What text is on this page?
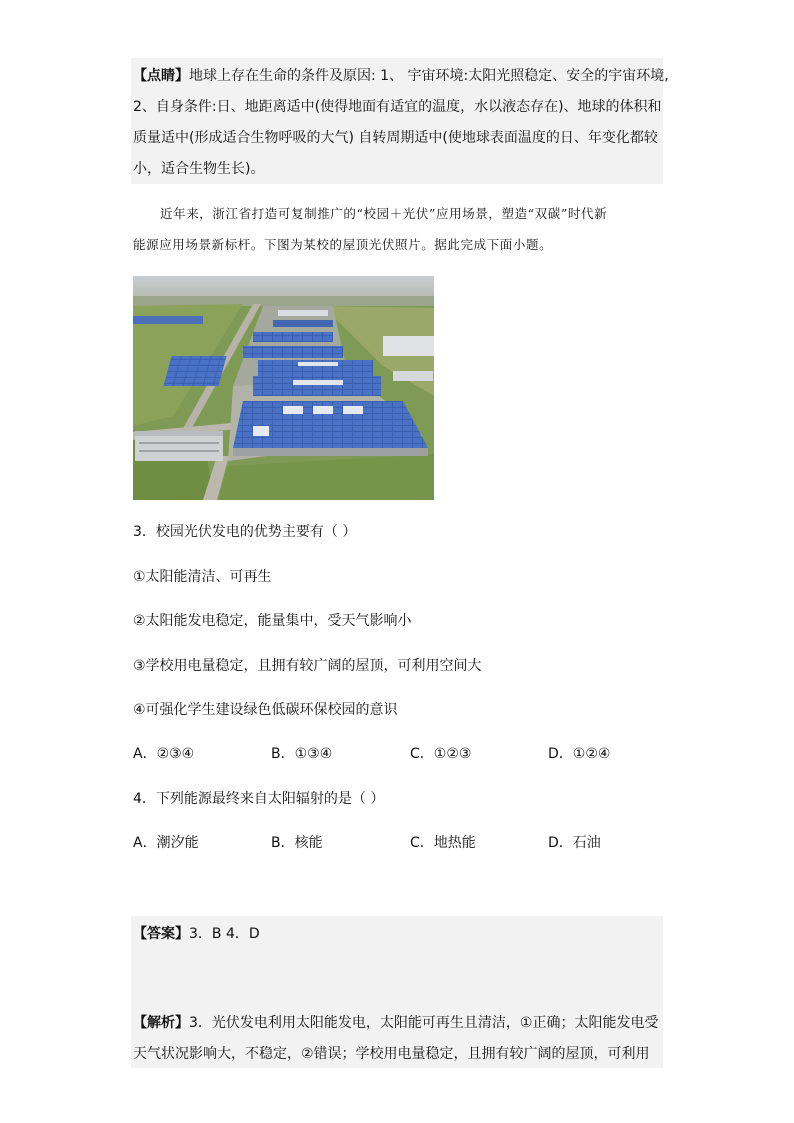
【点睛】地球上存在生命的条件及原因: 1、 宇宙环境:太阳光照稳定、安全的宇宙环境,
2、自身条件:日、地距离适中(使得地面有适宜的温度，水以液态存在)、地球的体积和
质量适中(形成适合生物呼吸的大气) 自转周期适中(使地球表面温度的日、年变化都较
小，适合生物生长)。
近年来，浙江省打造可复制推广的“校园＋光伏”应用场景，塑造“双碳”时代新
能源应用场景新标杆。下图为某校的屋顶光伏照片。据此完成下面小题。
3．校园光伏发电的优势主要有（ ）
①太阳能清洁、可再生
②太阳能发电稳定，能量集中，受天气影响小
③学校用电量稳定，且拥有较广阔的屋顶，可利用空间大
④可强化学生建设绿色低碳环保校园的意识
A．②③④	B．①③④	C．①②③	D．①②④
4．下列能源最终来自太阳辐射的是（ ）
A．潮汐能	B．核能	C．地热能	D．石油
【答案】3．B 4．D
【解析】3．光伏发电利用太阳能发电，太阳能可再生且清洁，①正确；太阳能发电受
天气状况影响大，不稳定，②错误；学校用电量稳定，且拥有较广阔的屋顶，可利用
